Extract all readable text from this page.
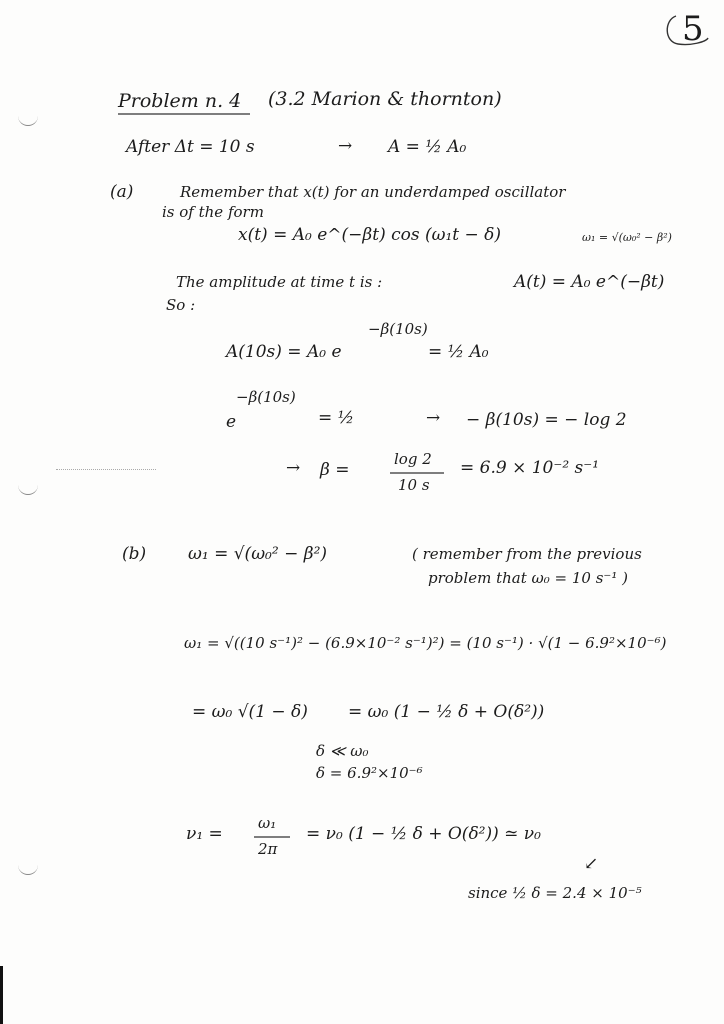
5
Problem n. 4 (3.2 Marion & thornton)
After Δt = 10 s	→ A = ½ A₀
(a)	Remember that x(t) for an underdamped oscillator
is of the form
x(t) = A₀ e^(−βt) cos (ω₁t − δ)	ω₁ = √(ω₀² − β²)
The amplitude at time t is :	A(t) = A₀ e^(−βt)
So :
A(10s) = A₀ e
−β(10s)
= ½ A₀
e
−β(10s)
= ½	→ − β(10s) = − log 2
→ β =
log 2
10 s
= 6.9 × 10⁻² s⁻¹
(b) ω₁ = √(ω₀² − β²)	( remember from the previous
problem that ω₀ = 10 s⁻¹ )
ω₁ = √((10 s⁻¹)² − (6.9×10⁻² s⁻¹)²) = (10 s⁻¹) · √(1 − 6.9²×10⁻⁶)
= ω₀ √(1 − δ) = ω₀ (1 − ½ δ + O(δ²))
δ ≪ ω₀
δ = 6.9²×10⁻⁶
ν₁ =
ω₁
2π
= ν₀ (1 − ½ δ + O(δ²)) ≃ ν₀
↙
since ½ δ = 2.4 × 10⁻⁵
